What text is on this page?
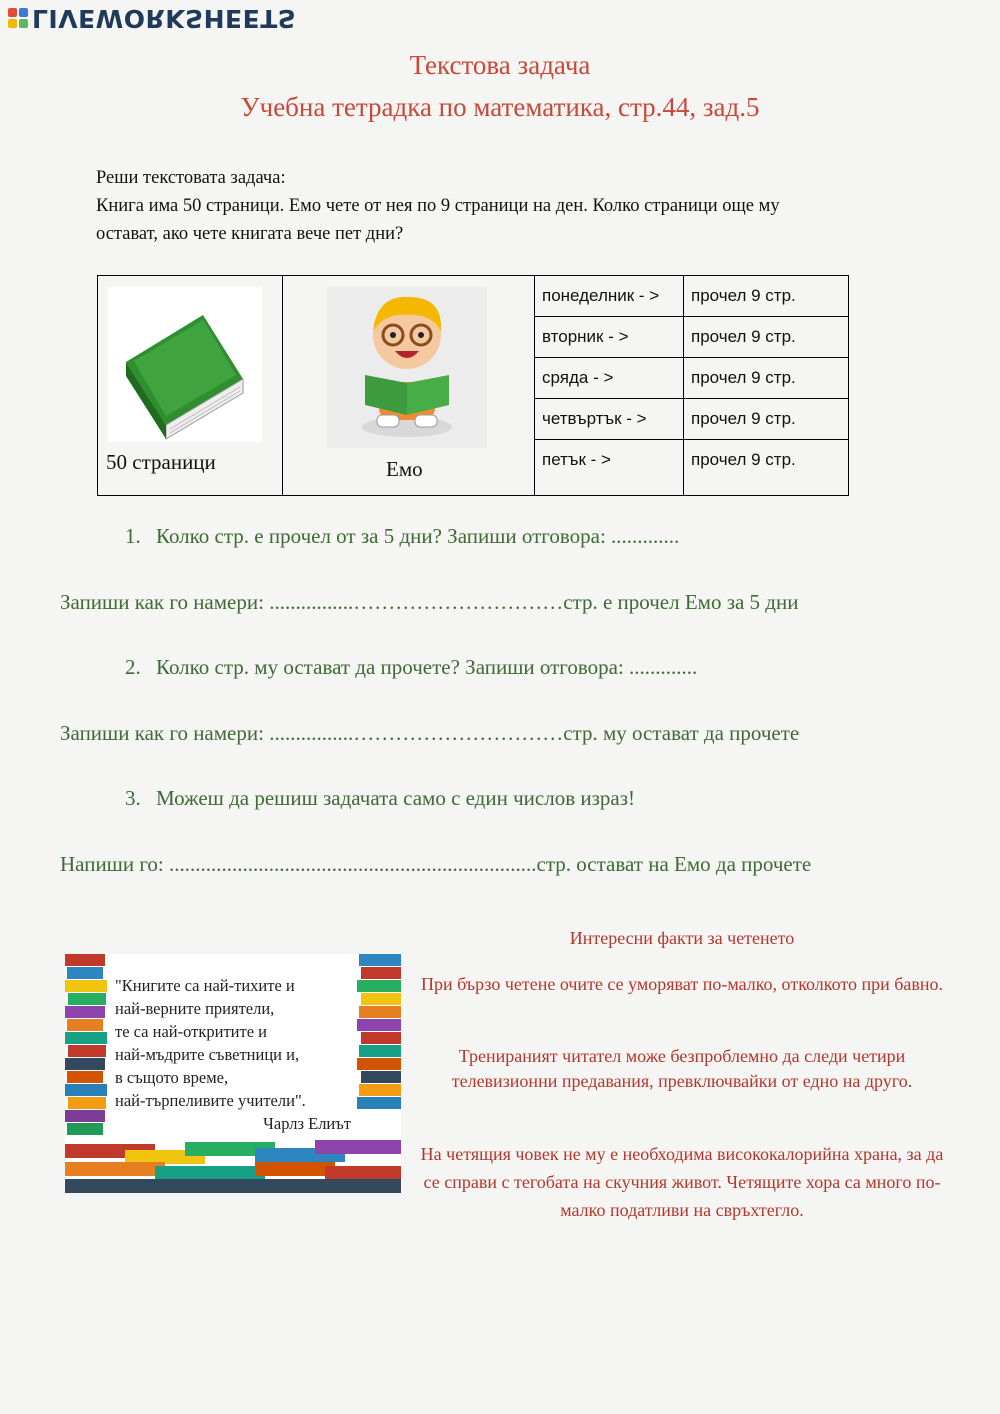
LIVEWORKSHEETS
Текстова задача
Учебна тетрадка по математика, стр.44, зад.5

Реши текстовата задача:

Книга има 50 страници. Емо чете от нея по 9 страници на ден. Колко страници още му

остават, ако чете книгата вече пет дни?

50 страници	Емо
понеделник - > прочел 9 стр.
вторник - >	прочел 9 стр.
сряда - >	прочел 9 стр.
четвъртък - >	прочел 9 стр.
петък - >	прочел 9 стр.
1. Колко стр. е прочел от за 5 дни? Запиши отговора: .............
Запиши как го намери: ................…………………………стр. е прочел Емо за 5 дни
2. Колко стр. му остават да прочете? Запиши отговора: .............
Запиши как го намери: ................…………………………стр. му остават да прочете
3. Можеш да решиш задачата само с един числов израз!
Напиши го: ......................................................................стр. остават на Емо да прочете
"Книгите са най-тихите и
най-верните приятели,
те са най-откритите и
най-мъдрите съветници и,
в същото време,
най-търпеливите учители".
Чарлз Елиът
Интересни факти за четенето
При бързо четене очите се уморяват по-малко, отколкото при бавно.
Тренираният читател може безпроблемно да следи четири телевизионни предавания, превключвайки от едно на друго.
На четящия човек не му е необходима висококалорийна храна, за да се справи с тегобата на скучния живот. Четящите хора са много по-малко податливи на свръхтегло.
